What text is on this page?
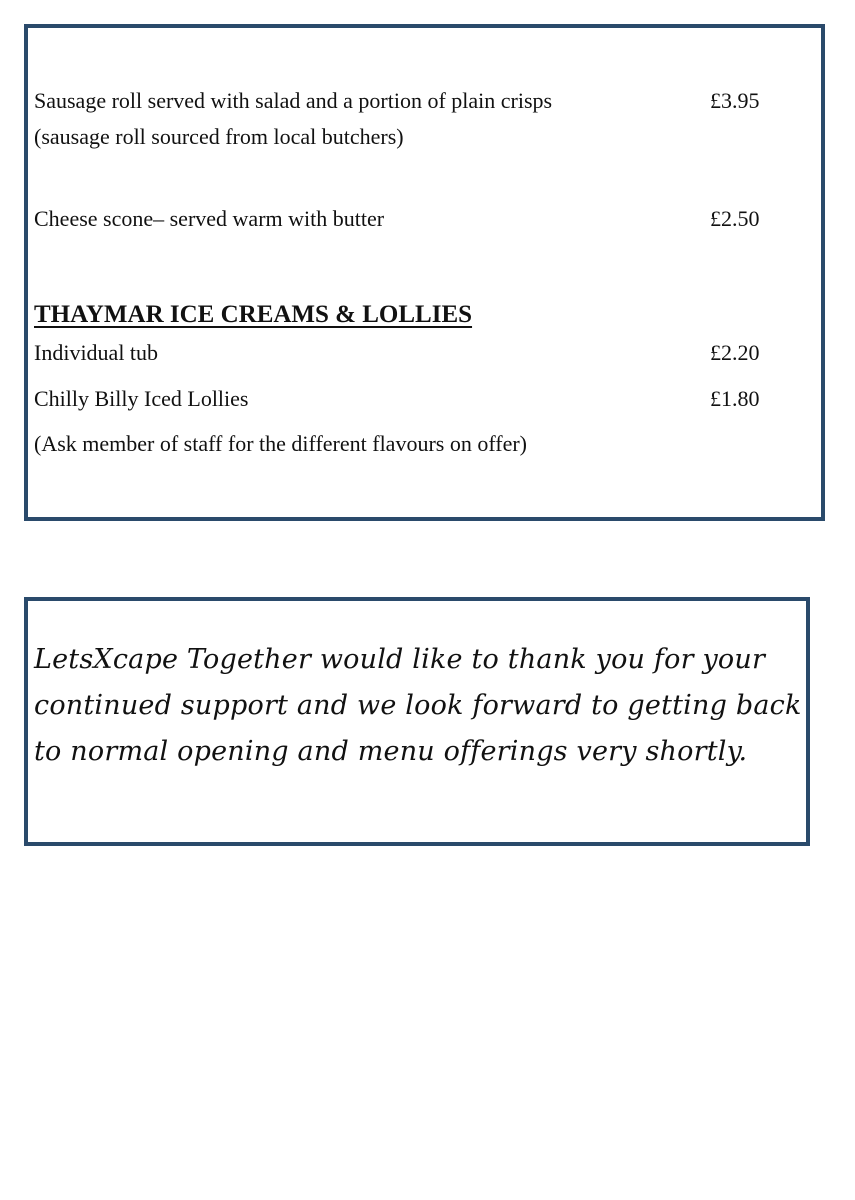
Sausage roll served with salad and a portion of plain crisps	£3.95
(sausage roll sourced from local butchers)
Cheese scone– served warm with butter	£2.50
THAYMAR ICE CREAMS & LOLLIES
Individual tub	£2.20
Chilly Billy Iced Lollies	£1.80
(Ask member of staff for the different flavours on offer)
LetsXcape Together would like to thank you for your continued support and we look forward to getting back to normal opening and menu offerings very shortly.
